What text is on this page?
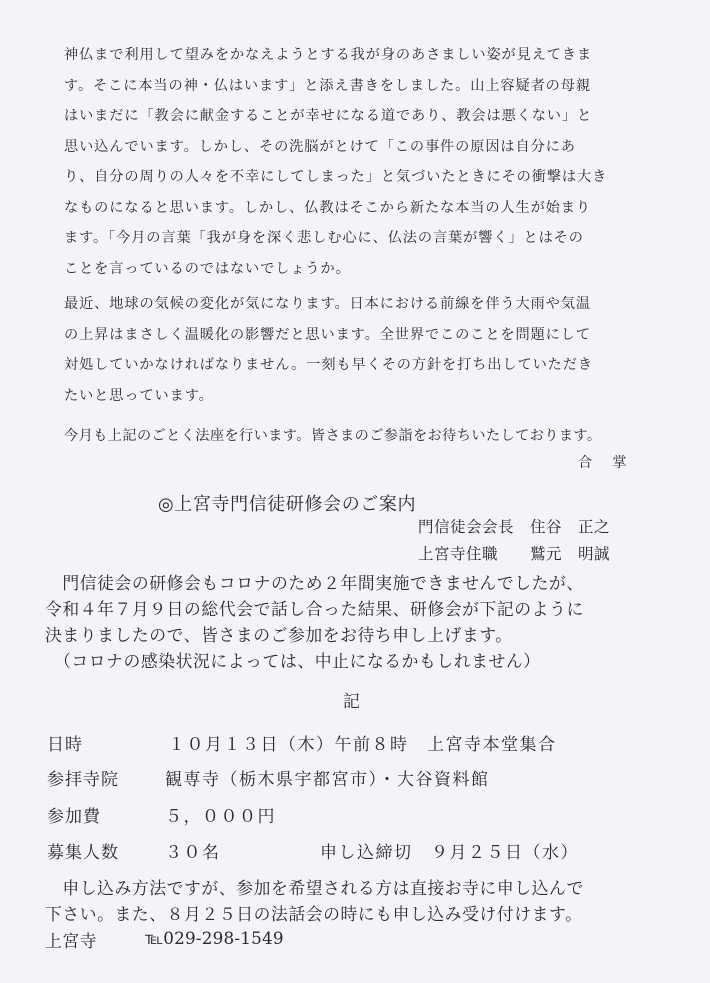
神仏まで利用して望みをかなえようとする我が身のあさましい姿が見えてきま
す。そこに本当の神・仏はいます」と添え書きをしました。山上容疑者の母親
はいまだに「教会に献金することが幸せになる道であり、教会は悪くない」と
思い込んでいます。しかし、その洗脳がとけて「この事件の原因は自分にあ
り、自分の周りの人々を不幸にしてしまった」と気づいたときにその衝撃は大き
なものになると思います。しかし、仏教はそこから新たな本当の人生が始まり
ます。「今月の言葉「我が身を深く悲しむ心に、仏法の言葉が響く」とはその
ことを言っているのではないでしょうか。
最近、地球の気候の変化が気になります。日本における前線を伴う大雨や気温
の上昇はまさしく温暖化の影響だと思います。全世界でこのことを問題にして
対処していかなければなりません。一刻も早くその方針を打ち出していただき
たいと思っています。
今月も上記のごとく法座を行います。皆さまのご参詣をお待ちいたしております。
合　掌
◎上宮寺門信徒研修会のご案内
門信徒会会長　住谷　正之
上宮寺住職　　鷲元　明誠
　門信徒会の研修会もコロナのため２年間実施できませんでしたが、
令和４年７月９日の総代会で話し合った結果、研修会が下記のように
決まりましたので、皆さまのご参加をお待ち申し上げます。
　（コロナの感染状況によっては、中止になるかもしれません）
記
日時	１０月１３日（木）午前８時　上宮寺本堂集合
参拝寺院	観専寺（栃木県宇都宮市）・大谷資料館
参加費	５，０００円
募集人数	３０名	申し込締切　９月２５日（水）
　申し込み方法ですが、参加を希望される方は直接お寺に申し込んで
下さい。また、８月２５日の法話会の時にも申し込み受け付けます。
上宮寺	℡029-298-1549
